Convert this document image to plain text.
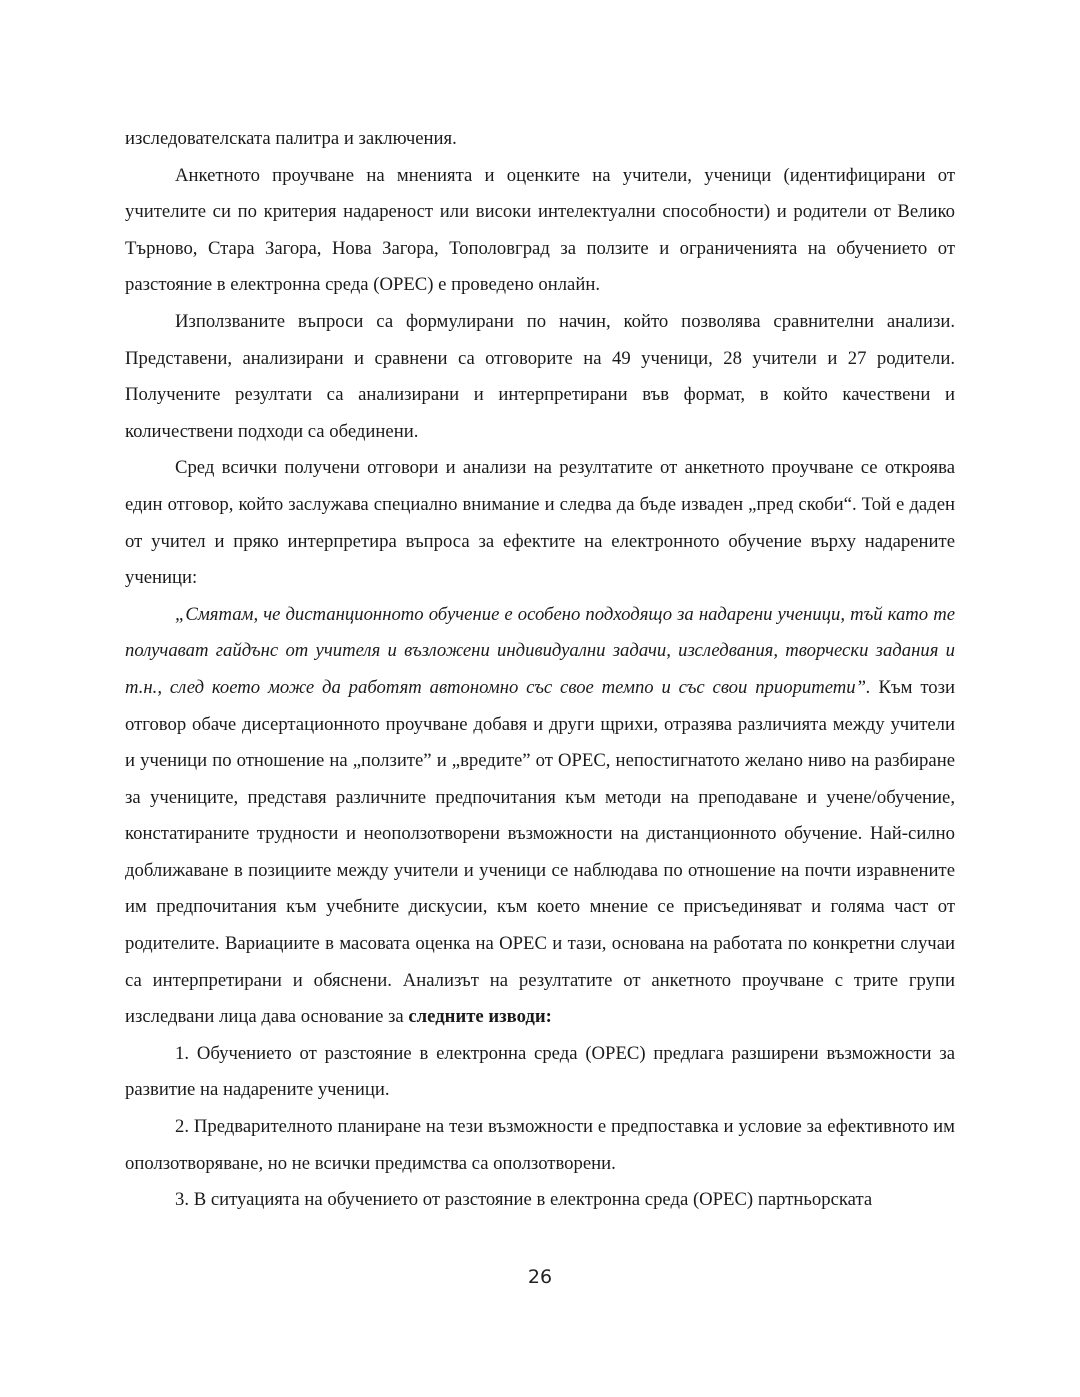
изследователската палитра и заключения.

Анкетното проучване на мненията и оценките на учители, ученици (идентифицирани от учителите си по критерия надареност или високи интелектуални способности) и родители от Велико Търново, Стара Загора, Нова Загора, Тополовград за ползите и ограниченията на обучението от разстояние в електронна среда (ОРЕС) е проведено онлайн.

Използваните въпроси са формулирани по начин, който позволява сравнителни анализи. Представени, анализирани и сравнени са отговорите на 49 ученици, 28 учители и 27 родители. Получените резултати са анализирани и интерпретирани във формат, в който качествени и количествени подходи са обединени.

Сред всички получени отговори и анализи на резултатите от анкетното проучване се откроява един отговор, който заслужава специално внимание и следва да бъде изваден „пред скоби“. Той е даден от учител и пряко интерпретира въпроса за ефектите на електронното обучение върху надарените ученици:

„Смятам, че дистанционното обучение е особено подходящо за надарени ученици, тъй като те получават гайдънс от учителя и възложени индивидуални задачи, изследвания, творчески задания и т.н., след което може да работят автономно със свое темпо и със свои приоритети”. Към този отговор обаче дисертационното проучване добавя и други щрихи, отразява различията между учители и ученици по отношение на „ползите” и „вредите” от ОРЕС, непостигнатото желано ниво на разбиране за учениците, представя различните предпочитания към методи на преподаване и учене/обучение, констатираните трудности и неоползотворени възможности на дистанционното обучение. Най-силно доближаване в позициите между учители и ученици се наблюдава по отношение на почти изравнените им предпочитания към учебните дискусии, към което мнение се присъединяват и голяма част от родителите. Вариациите в масовата оценка на ОРЕС и тази, основана на работата по конкретни случаи са интерпретирани и обяснени. Анализът на резултатите от анкетното проучване с трите групи изследвани лица дава основание за следните изводи:

1. Обучението от разстояние в електронна среда (ОРЕС) предлага разширени възможности за развитие на надарените ученици.

2. Предварителното планиране на тези възможности е предпоставка и условие за ефективното им оползотворяване, но не всички предимства са оползотворени.

3. В ситуацията на обучението от разстояние в електронна среда (ОРЕС) партньорската

26
